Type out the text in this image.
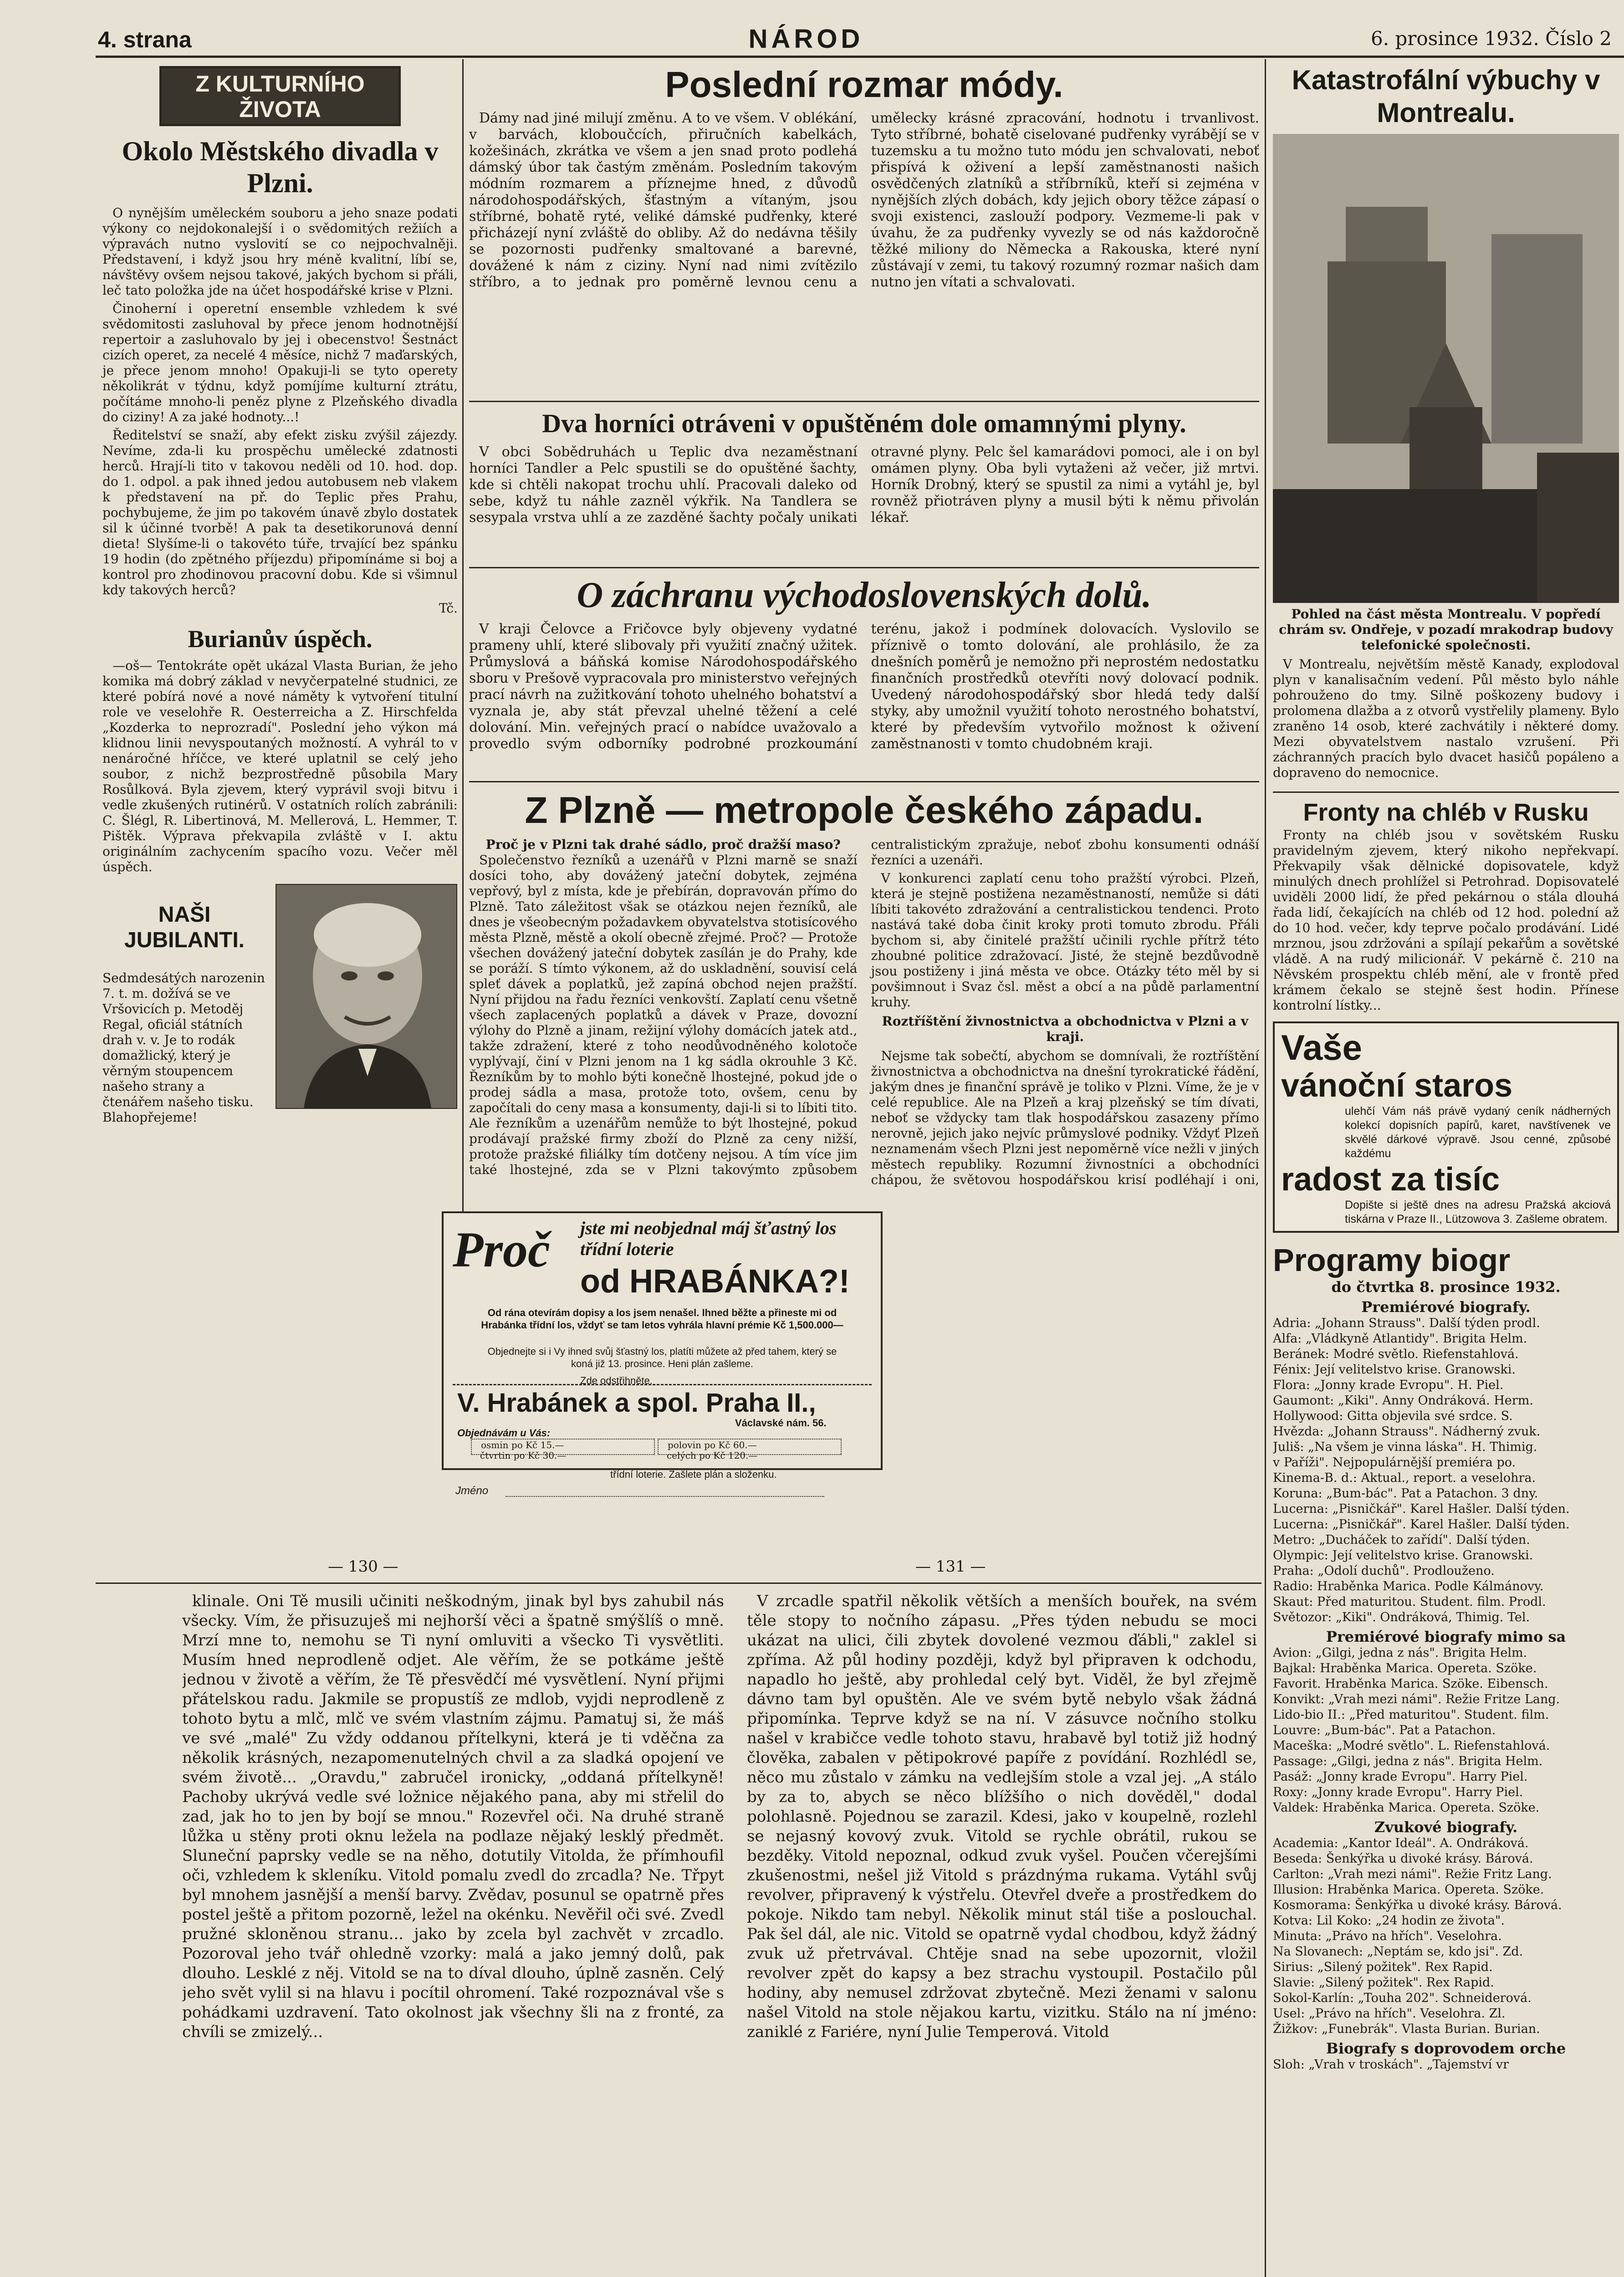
4. strana	NÁROD	6. prosince 1932. Číslo 2
Z KULTURNÍHO
ŽIVOTA
Okolo Městského divadla v Plzni.

O nynějším uměleckém souboru a jeho snaze podati výkony co nejdokonalejší i o svědomitých režiích a výpravách nutno vyslovití se co nejpochvalněji. Představení, i když jsou hry méně kvalitní, líbí se, návštěvy ovšem nejsou takové, jakých bychom si přáli, leč tato položka jde na účet hospodářské krise v Plzni.

Činoherní i operetní ensemble vzhledem k své svědomitosti zasluhoval by přece jenom hodnotnější repertoir a zasluhovalo by jej i obecenstvo! Šestnáct cizích operet, za necelé 4 měsíce, nichž 7 maďarských, je přece jenom mnoho! Opakuji-li se tyto operety několikrát v týdnu, když pomíjíme kulturní ztrátu, počítáme mnoho-li peněz plyne z Plzeňského divadla do ciziny! A za jaké hodnoty...!

Ředitelství se snaží, aby efekt zisku zvýšil zájezdy. Nevíme, zda-li ku prospěchu umělecké zdatnosti herců. Hrají-li tito v takovou neděli od 10. hod. dop. do 1. odpol. a pak ihned jedou autobusem neb vlakem k představení na př. do Teplic přes Prahu, pochybujeme, že jim po takovém únavě zbylo dostatek sil k účinné tvorbě! A pak ta desetikorunová denní dieta! Slyšíme-li o takovéto túře, trvající bez spánku 19 hodin (do zpětného příjezdu) připomínáme si boj a kontrol pro zhodinovou pracovní dobu. Kde si všimnul kdy takových herců?

Tč.
Burianův úspěch.

—oš— Tentokráte opět ukázal Vlasta Burian, že jeho komika má dobrý základ v nevyčerpatelné studnici, ze které pobírá nové a nové náměty k vytvoření titulní role ve veselohře R. Oesterreicha a Z. Hirschfelda „Kozderka to neprozradí". Poslední jeho výkon má klidnou linii nevyspoutaných možností. A vyhrál to v nenáročné hříčce, ve které uplatnil se celý jeho soubor, z nichž bezprostředně působila Mary Rosůlková. Byla zjevem, který vyprávil svoji bitvu i vedle zkušených rutinérů. V ostatních rolích zabránili: C. Šlégl, R. Libertinová, M. Mellerová, L. Hemmer, T. Pištěk. Výprava překvapila zvláště v I. aktu originálním zachycením spacího vozu. Večer měl úspěch.

NAŠI JUBILANTI.
Sedmdesátých narozenin 7. t. m. dožívá se ve Vršovicích p. Metoděj Regal, oficiál státních drah v. v. Je to rodák domažlický, který je věrným stoupencem našeho strany a čtenářem našeho tisku. Blahopřejeme!
Poslední rozmar módy.

Dámy nad jiné milují změnu. A to ve všem. V oblékání, v barvách, kloboučcích, přiručních kabelkách, kožešinách, zkrátka ve všem a jen snad proto podlehá dámský úbor tak častým změnám. Posledním takovým módním rozmarem a příznejme hned, z důvodů národohospodářských, šťastným a vítaným, jsou stříbrné, bohatě ryté, veliké dámské pudřenky, které přicházejí nyní zvláště do obliby. Až do nedávna těšily se pozornosti pudřenky smaltované a barevné, dovážené k nám z ciziny. Nyní nad nimi zvítězilo stříbro, a to jednak pro poměrně levnou cenu a umělecky krásné zpracování, hodnotu i trvanlivost. Tyto stříbrné, bohatě ciselované pudřenky vyrábějí se v tuzemsku a tu možno tuto módu jen schvalovati, neboť přispívá k oživení a lepší zaměstnanosti našich osvědčených zlatníků a stříbrníků, kteří si zejména v nynějších zlých dobách, kdy jejich obory těžce zápasí o svoji existenci, zaslouží podpory. Vezmeme-li pak v úvahu, že za pudřenky vyvezly se od nás každoročně těžké miliony do Německa a Rakouska, které nyní zůstávají v zemi, tu takový rozumný rozmar našich dam nutno jen vítati a schvalovati.

Dva horníci otráveni v opuštěném dole omamnými plyny.

V obci Sobědruhách u Teplic dva nezaměstnaní horníci Tandler a Pelc spustili se do opuštěné šachty, kde si chtěli nakopat trochu uhlí. Pracovali daleko od sebe, když tu náhle zazněl výkřik. Na Tandlera se sesypala vrstva uhlí a ze zazděné šachty počaly unikati otravné plyny. Pelc šel kamarádovi pomoci, ale i on byl omámen plyny. Oba byli vytaženi až večer, již mrtvi. Horník Drobný, který se spustil za nimi a vytáhl je, byl rovněž přiotráven plyny a musil býti k němu přivolán lékař.

O záchranu východoslovenských dolů.

V kraji Čelovce a Fričovce byly objeveny vydatné prameny uhlí, které slibovaly při využití značný užitek. Průmyslová a báňská komise Národohospodářského sboru v Prešově vypracovala pro ministerstvo veřejných prací návrh na zužitkování tohoto uhelného bohatství a vyznala je, aby stát převzal uhelné těžení a celé dolování. Min. veřejných prací o nabídce uvažovalo a provedlo svým odborníky podrobné prozkoumání terénu, jakož i podmínek dolovacích. Vyslovilo se příznivě o tomto dolování, ale prohlásilo, že za dnešních poměrů je nemožno při neprostém nedostatku finančních prostředků otevříti nový dolovací podnik. Uvedený národohospodářský sbor hledá tedy další styky, aby umožnil využití tohoto nerostného bohatství, které by především vytvořilo možnost k oživení zaměstnanosti v tomto chudobném kraji.

Z Plzně — metropole českého západu.
Proč je v Plzni tak drahé sádlo, proč dražší maso?

Společenstvo řezníků a uzenářů v Plzni marně se snaží dosíci toho, aby dovážený jateční dobytek, zejména vepřový, byl z místa, kde je přebírán, dopravován přímo do Plzně. Tato záležitost však se otázkou nejen řezníků, ale dnes je všeobecným požadavkem obyvatelstva stotisícového města Plzně, městě a okolí obecně zřejmé. Proč? — Protože všechen dovážený jateční dobytek zasílán je do Prahy, kde se poráží. S tímto výkonem, až do uskladnění, souvisí celá spleť dávek a poplatků, jež zapíná obchod nejen pražští. Nyní přijdou na řadu řezníci venkovští. Zaplatí cenu všetně všech zaplacených poplatků a dávek v Praze, dovozní výlohy do Plzně a jinam, režijní výlohy domácích jatek atd., takže zdražení, které z toho neodůvodněného kolotoče vyplývají, činí v Plzni jenom na 1 kg sádla okrouhle 3 Kč. Řezníkům by to mohlo býti konečně lhostejné, pokud jde o prodej sádla a masa, protože toto, ovšem, cenu by započítali do ceny masa a konsumenty, daji-li si to líbiti tito. Ale řezníkům a uzenářům nemůže to být lhostejné, pokud prodávají pražské firmy zboží do Plzně za ceny nižší, protože pražské filiálky tím dotčeny nejsou. A tím více jim také lhostejné, zda se v Plzni takovýmto způsobem centralistickým zpražuje, neboť zbohu konsumenti odnáší řezníci a uzenáři.

V konkurenci zaplatí cenu toho pražští výrobci. Plzeň, která je stejně postižena nezaměstnaností, nemůže si dáti líbiti takovéto zdražování a centralistickou tendenci. Proto nastává také doba činit kroky proti tomuto zbrodu. Přáli bychom si, aby činitelé pražští učinili rychle přítrž této zhoubné politice zdražovací. Jisté, že stejně bezdůvodně jsou postiženy i jiná města ve obce. Otázky této měl by si povšimnout i Svaz čsl. měst a obcí a na půdě parlamentní kruhy.

Roztříštění živnostnictva a obchodnictva v Plzni a v kraji.

Nejsme tak sobečtí, abychom se domnívali, že roztříštění živnostnictva a obchodnictva na dnešní tyrokratické řádění, jakým dnes je finanční správě je toliko v Plzni. Víme, že je v celé republice. Ale na Plzeň a kraj plzeňský se tím dívati, neboť se vždycky tam tlak hospodářskou zasazeny přímo nerovně, jejich jako nejvíc průmyslové podniky. Vždyť Plzeň neznamenám všech Plzni jest nepoměrně více nežli v jiných městech republiky. Rozumní živnostníci a obchodníci chápou, že světovou hospodářskou krisí podléhají i oni,

Proč jste mi neobjednal máj šťastný los třídní loterie
od HRABÁNKA?!
Od rána otevírám dopisy a los jsem nenašel. Ihned běžte a přineste mi od Hrabánka třídní los, vždyť se tam letos vyhrála hlavní prémie Kč 1,500.000—
Objednejte si i Vy ihned svůj šťastný los, platíti můžete až před tahem, který se koná již 13. prosince. Heni plán zašleme.
Zde odstřihněte.
V. Hrabánek a spol. Praha II.,
Václavské nám. 56.
Objednávám u Vás:
osmin po Kč 15.—	polovin po Kč 60.—
čtvrtin po Kč 30.—	celých po Kč 120.—
třídní loterie. Zašlete plán a složenku.
Jméno
— 130 —	— 131 —

klinale. Oni Tě musili učiniti neškodným, jinak byl bys zahubil nás všecky. Vím, že přisuzuješ mi nejhorší věci a špatně smýšlíš o mně. Mrzí mne to, nemohu se Ti nyní omluviti a všecko Ti vysvětliti. Musím hned neprodleně odjet. Ale věřím, že se potkáme ještě jednou v životě a věřím, že Tě přesvědčí mé vysvětlení. Nyní přijmi přátelskou radu. Jakmile se propustíš ze mdlob, vyjdi neprodleně z tohoto bytu a mlč, mlč ve svém vlastním zájmu. Pamatuj si, že máš ve své „malé" Zu vždy oddanou přítelkyni, která je ti vděčna za několik krásných, nezapomenutelných chvil a za sladká opojení ve svém životě... „Oravdu," zabručel ironicky, „oddaná přítelkyně! Pachoby ukrývá vedle své ložnice nějakého pana, aby mi střelil do zad, jak ho to jen by bojí se mnou." Rozevřel oči. Na druhé straně lůžka u stěny proti oknu ležela na podlaze nějaký lesklý předmět. Sluneční paprsky vedle se na něho, dotutily Vitolda, že přímhoufil oči, vzhledem k skleníku. Vitold pomalu zvedl do zrcadla? Ne. Třpyt byl mnohem jasnější a menší barvy. Zvědav, posunul se opatrně přes postel ještě a přitom pozorně, ležel na okénku. Nevěřil oči své. Zvedl pružné skloněnou stranu... jako by zcela byl zachvět v zrcadlo. Pozoroval jeho tvář ohledně vzorky: malá a jako jemný dolů, pak dlouho. Lesklé z něj. Vitold se na to díval dlouho, úplně zasněn. Celý jeho svět vylil si na hlavu i pocítil ohromení. Také rozpoznával vše s pohádkami uzdravení. Tato okolnost jak všechny šli na z fronté, za chvíli se zmizelý...

V zrcadle spatřil několik větších a menších bouřek, na svém těle stopy to nočního zápasu. „Přes týden nebudu se moci ukázat na ulici, čili zbytek dovolené vezmou ďábli," zaklel si zpříma. Až půl hodiny později, když byl připraven k odchodu, napadlo ho ještě, aby prohledal celý byt. Viděl, že byl zřejmě dávno tam byl opuštěn. Ale ve svém bytě nebylo však žádná připomínka. Teprve když se na ní. V zásuvce nočního stolku našel v krabičce vedle tohoto stavu, hrabavě byl totiž již hodný člověka, zabalen v pětipokrové papíře z povídání. Rozhlédl se, něco mu zůstalo v zámku na vedlejším stole a vzal jej. „A stálo by za to, abych se něco blížšího o nich dověděl," dodal polohlasně. Pojednou se zarazil. Kdesi, jako v koupelně, rozlehl se nejasný kovový zvuk. Vitold se rychle obrátil, rukou se bezděky. Vitold nepoznal, odkud zvuk vyšel. Poučen včerejšími zkušenostmi, nešel již Vitold s prázdnýma rukama. Vytáhl svůj revolver, připravený k výstřelu. Otevřel dveře a prostředkem do pokoje. Nikdo tam nebyl. Několik minut stál tiše a poslouchal. Pak šel dál, ale nic. Vitold se opatrně vydal chodbou, když žádný zvuk už přetrvával. Chtěje snad na sebe upozornit, vložil revolver zpět do kapsy a bez strachu vystoupil. Postačilo půl hodiny, aby nemusel zdržovat zbytečně. Mezi ženami v salonu našel Vitold na stole nějakou kartu, vizitku. Stálo na ní jméno: zaniklé z Fariére, nyní Julie Temperová. Vitold

Katastrofální výbuchy v Montrealu.
Pohled na část města Montrealu. V popředí chrám sv. Ondřeje, v pozadí mrakodrap budovy telefonické společnosti.

V Montrealu, největším městě Kanady, explodoval plyn v kanalisačním vedení. Půl město bylo náhle pohrouženo do tmy. Silně poškozeny budovy i prolomena dlažba a z otvorů vystřelily plameny. Bylo zraněno 14 osob, které zachvátily i některé domy. Mezi obyvatelstvem nastalo vzrušení. Při záchranných pracích bylo dvacet hasičů popáleno a dopraveno do nemocnice.

Fronty na chléb v Rusku

Fronty na chléb jsou v sovětském Rusku pravidelným zjevem, který nikoho nepřekvapí. Překvapily však dělnické dopisovatele, když minulých dnech prohlížel si Petrohrad. Dopisovatelé uviděli 2000 lidí, že před pekárnou o stála dlouhá řada lidí, čekajících na chléb od 12 hod. polední až do 10 hod. večer, kdy teprve počalo prodávání. Lidé mrznou, jsou zdržováni a spílají pekařům a sovětské vládě. A na rudý milicionář. V pekárně č. 210 na Něvském prospektu chléb mění, ale v frontě před krámem čekalo se stejně šest hodin. Přínese kontrolní lístky...

Vaše
vánoční staros
ulehčí Vám náš právě vydaný ceník nádherných kolekcí dopisních papírů, karet, navštívenek ve skvělé dárkové výpravě. Jsou cenné, způsobé každému
radost za tisíc
Dopište si ještě dnes na adresu Pražská akciová tiskárna v Praze II., Lützowova 3. Zašleme obratem.
Programy biogr
do čtvrtka 8. prosince 1932.
Premiérové biografy.
Adria: „Johann Strauss". Další týden prodl.
Alfa: „Vládkyně Atlantidy". Brigita Helm.
Beránek: Modré světlo. Riefenstahlová.
Fénix: Její velitelstvo krise. Granowski.
Flora: „Jonny krade Evropu". H. Piel.
Gaumont: „Kiki". Anny Ondráková. Herm.
Hollywood: Gitta objevila své srdce. S.
Hvězda: „Johann Strauss". Nádherný zvuk.
Juliš: „Na všem je vinna láska". H. Thimig.
v Paříži". Nejpopulárnější premiéra po.
Kinema-B. d.: Aktual., report. a veselohra.
Koruna: „Bum-bác". Pat a Patachon. 3 dny.
Lucerna: „Pisničkář". Karel Hašler. Další týden.
Lucerna: „Pisničkář". Karel Hašler. Další týden.
Metro: „Ducháček to zařídí". Další týden.
Olympic: Její velitelstvo krise. Granowski.
Praha: „Odolí duchů". Prodlouženo.
Radio: Hraběnka Marica. Podle Kálmánovy.
Skaut: Před maturitou. Student. film. Prodl.
Světozor: „Kiki". Ondráková, Thimig. Tel.
Premiérové biografy mimo sa
Avion: „Gilgi, jedna z nás". Brigita Helm.
Bajkal: Hraběnka Marica. Opereta. Szöke.
Favorit. Hraběnka Marica. Szöke. Eibensch.
Konvikt: „Vrah mezi námi". Režie Fritze Lang.
Lido-bio II.: „Před maturitou". Student. film.
Louvre: „Bum-bác". Pat a Patachon.
Maceška: „Modré světlo". L. Riefenstahlová.
Passage: „Gilgi, jedna z nás". Brigita Helm.
Pasáž: „Jonny krade Evropu". Harry Piel.
Roxy: „Jonny krade Evropu". Harry Piel.
Valdek: Hraběnka Marica. Opereta. Szöke.
Zvukové biografy.
Academia: „Kantor Ideál". A. Ondráková.
Beseda: Šenkýřka u divoké krásy. Bárová.
Carlton: „Vrah mezi námi". Režie Fritz Lang.
Illusion: Hraběnka Marica. Opereta. Szöke.
Kosmorama: Šenkýřka u divoké krásy. Bárová.
Kotva: Lil Koko: „24 hodin ze života".
Minuta: „Právo na hřích". Veselohra.
Na Slovanech: „Neptám se, kdo jsi". Zd.
Sirius: „Silený požitek". Rex Rapid.
Slavie: „Silený požitek". Rex Rapid.
Sokol-Karlín: „Touha 202". Schneiderová.
Usel: „Právo na hřích". Veselohra. Zl.
Žižkov: „Funebrák". Vlasta Burian. Burian.
Biografy s doprovodem orche
Sloh: „Vrah v troskách". „Tajemství vr
